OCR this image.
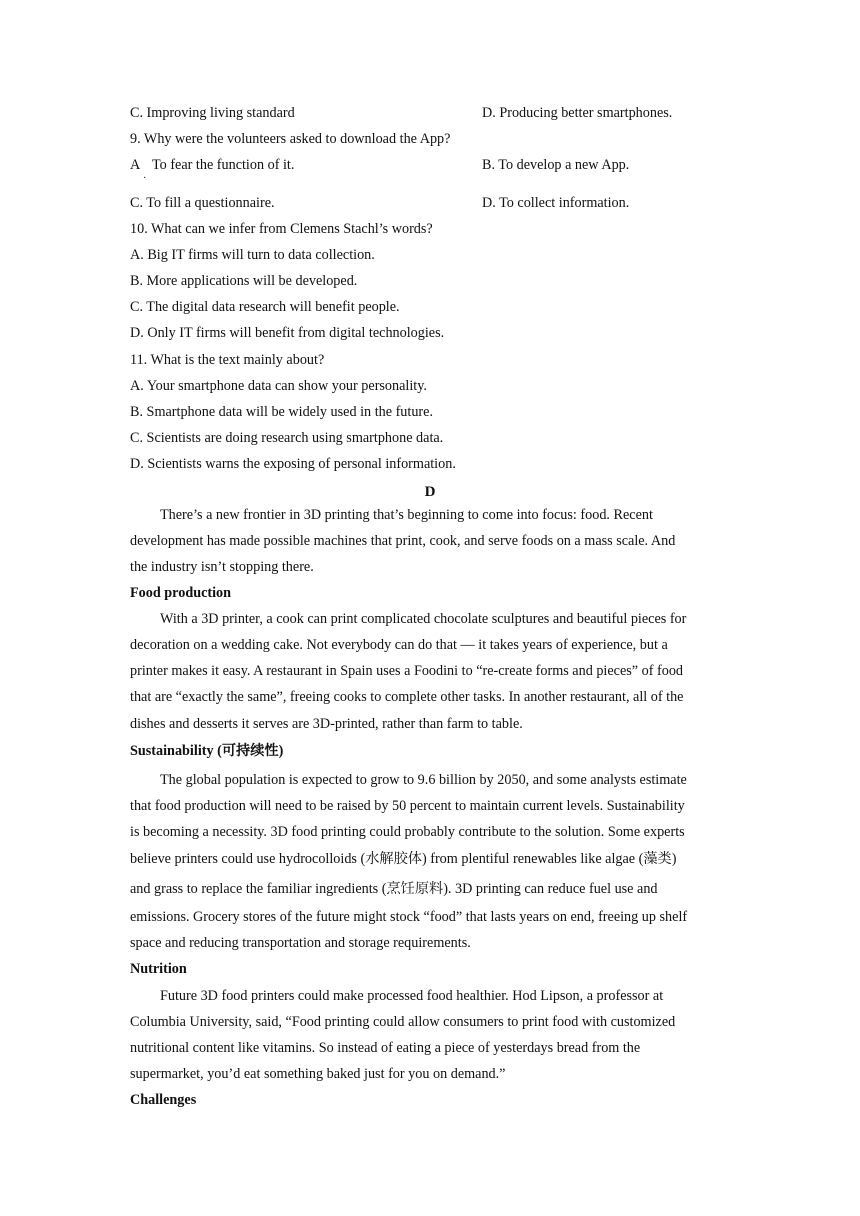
C. Improving living standard	D. Producing better smartphones.
9. Why were the volunteers asked to download the App?
A To fear the function of it.
·
B. To develop a new App.
C. To fill a questionnaire.	D. To collect information.
10. What can we infer from Clemens Stachl’s words?
A. Big IT firms will turn to data collection.
B. More applications will be developed.
C. The digital data research will benefit people.
D. Only IT firms will benefit from digital technologies.
11. What is the text mainly about?
A. Your smartphone data can show your personality.
B. Smartphone data will be widely used in the future.
C. Scientists are doing research using smartphone data.
D. Scientists warns the exposing of personal information.
D
There’s a new frontier in 3D printing that’s beginning to come into focus: food. Recent
development has made possible machines that print, cook, and serve foods on a mass scale. And
the industry isn’t stopping there.
Food production
With a 3D printer, a cook can print complicated chocolate sculptures and beautiful pieces for
decoration on a wedding cake. Not everybody can do that — it takes years of experience, but a
printer makes it easy. A restaurant in Spain uses a Foodini to “re-create forms and pieces” of food
that are “exactly the same”, freeing cooks to complete other tasks. In another restaurant, all of the
dishes and desserts it serves are 3D-printed, rather than farm to table.
Sustainability (可持续性)
The global population is expected to grow to 9.6 billion by 2050, and some analysts estimate
that food production will need to be raised by 50 percent to maintain current levels. Sustainability
is becoming a necessity. 3D food printing could probably contribute to the solution. Some experts
believe printers could use hydrocolloids (水解胶体) from plentiful renewables like algae (藻类)
and grass to replace the familiar ingredients (烹饪原料). 3D printing can reduce fuel use and
emissions. Grocery stores of the future might stock “food” that lasts years on end, freeing up shelf
space and reducing transportation and storage requirements.
Nutrition
Future 3D food printers could make processed food healthier. Hod Lipson, a professor at
Columbia University, said, “Food printing could allow consumers to print food with customized
nutritional content like vitamins. So instead of eating a piece of yesterdays bread from the
supermarket, you’d eat something baked just for you on demand.”
Challenges
